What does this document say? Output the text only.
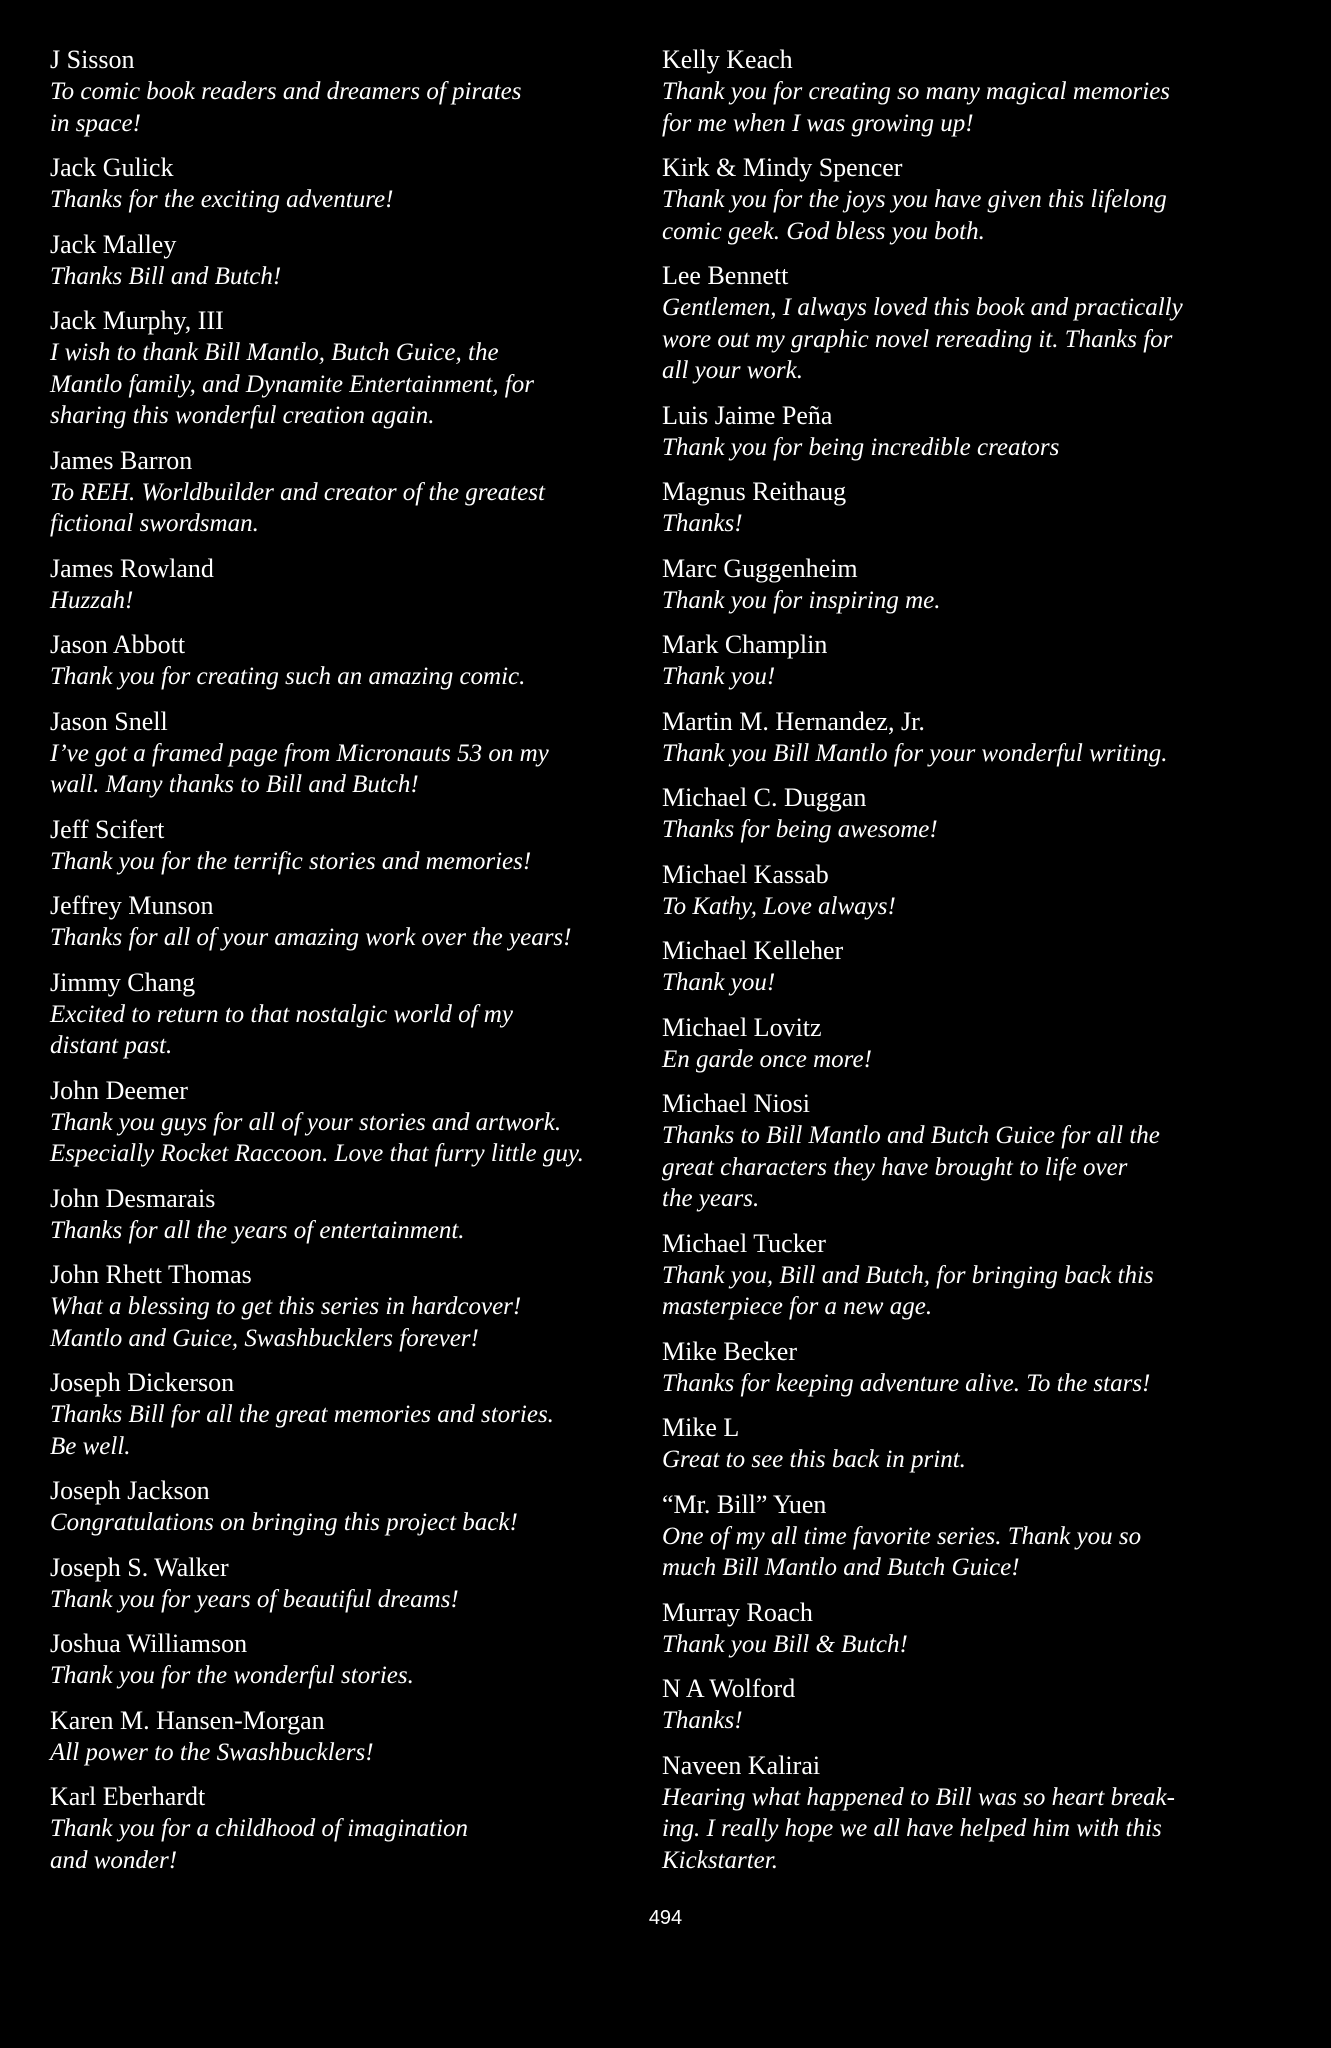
J Sisson
To comic book readers and dreamers of pirates
in space!
Jack Gulick
Thanks for the exciting adventure!
Jack Malley
Thanks Bill and Butch!
Jack Murphy, III
I wish to thank Bill Mantlo, Butch Guice, the
Mantlo family, and Dynamite Entertainment, for
sharing this wonderful creation again.
James Barron
To REH. Worldbuilder and creator of the greatest
fictional swordsman.
James Rowland
Huzzah!
Jason Abbott
Thank you for creating such an amazing comic.
Jason Snell
I’ve got a framed page from Micronauts 53 on my
wall. Many thanks to Bill and Butch!
Jeff Scifert
Thank you for the terrific stories and memories!
Jeffrey Munson
Thanks for all of your amazing work over the years!
Jimmy Chang
Excited to return to that nostalgic world of my
distant past.
John Deemer
Thank you guys for all of your stories and artwork.
Especially Rocket Raccoon. Love that furry little guy.
John Desmarais
Thanks for all the years of entertainment.
John Rhett Thomas
What a blessing to get this series in hardcover!
Mantlo and Guice, Swashbucklers forever!
Joseph Dickerson
Thanks Bill for all the great memories and stories.
Be well.
Joseph Jackson
Congratulations on bringing this project back!
Joseph S. Walker
Thank you for years of beautiful dreams!
Joshua Williamson
Thank you for the wonderful stories.
Karen M. Hansen-Morgan
All power to the Swashbucklers!
Karl Eberhardt
Thank you for a childhood of imagination
and wonder!
Kelly Keach
Thank you for creating so many magical memories
for me when I was growing up!
Kirk & Mindy Spencer
Thank you for the joys you have given this lifelong
comic geek. God bless you both.
Lee Bennett
Gentlemen, I always loved this book and practically
wore out my graphic novel rereading it. Thanks for
all your work.
Luis Jaime Peña
Thank you for being incredible creators
Magnus Reithaug
Thanks!
Marc Guggenheim
Thank you for inspiring me.
Mark Champlin
Thank you!
Martin M. Hernandez, Jr.
Thank you Bill Mantlo for your wonderful writing.
Michael C. Duggan
Thanks for being awesome!
Michael Kassab
To Kathy, Love always!
Michael Kelleher
Thank you!
Michael Lovitz
En garde once more!
Michael Niosi
Thanks to Bill Mantlo and Butch Guice for all the
great characters they have brought to life over
the years.
Michael Tucker
Thank you, Bill and Butch, for bringing back this
masterpiece for a new age.
Mike Becker
Thanks for keeping adventure alive. To the stars!
Mike L
Great to see this back in print.
“Mr. Bill” Yuen
One of my all time favorite series. Thank you so
much Bill Mantlo and Butch Guice!
Murray Roach
Thank you Bill & Butch!
N A Wolford
Thanks!
Naveen Kalirai
Hearing what happened to Bill was so heart break-
ing. I really hope we all have helped him with this
Kickstarter.
494
